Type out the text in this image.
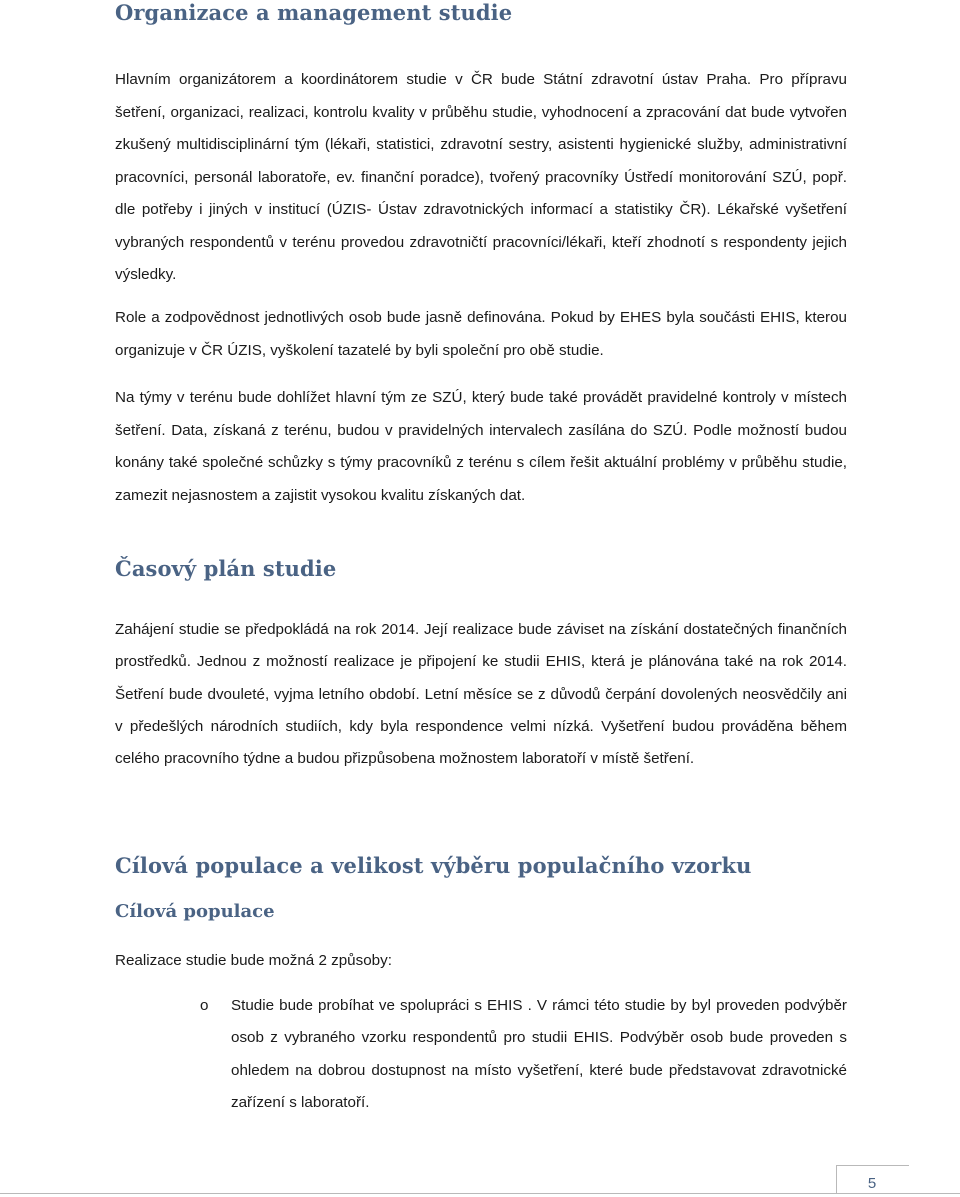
Organizace a management studie

Hlavním organizátorem a koordinátorem studie v ČR bude Státní zdravotní ústav Praha. Pro přípravu šetření, organizaci, realizaci, kontrolu kvality v průběhu studie, vyhodnocení a zpracování dat bude vytvořen zkušený multidisciplinární tým (lékaři, statistici, zdravotní sestry, asistenti hygienické služby, administrativní pracovníci, personál laboratoře, ev. finanční poradce), tvořený pracovníky Ústředí monitorování SZÚ, popř. dle potřeby i jiných v institucí (ÚZIS- Ústav zdravotnických informací a statistiky ČR). Lékařské vyšetření vybraných respondentů v terénu provedou zdravotničtí pracovníci/lékaři, kteří zhodnotí s respondenty jejich výsledky.

Role a zodpovědnost jednotlivých osob bude jasně definována. Pokud by EHES byla součásti EHIS, kterou organizuje v ČR ÚZIS, vyškolení tazatelé by byli společní pro obě studie.

Na týmy v terénu bude dohlížet hlavní tým ze SZÚ, který bude také provádět pravidelné kontroly v místech šetření. Data, získaná z terénu, budou v pravidelných intervalech zasílána do SZÚ. Podle možností budou konány také společné schůzky s týmy pracovníků z terénu s cílem řešit aktuální problémy v průběhu studie, zamezit nejasnostem a zajistit vysokou kvalitu získaných dat.

Časový plán studie

Zahájení studie se předpokládá na rok 2014. Její realizace bude záviset na získání dostatečných finančních prostředků. Jednou z možností realizace je připojení ke studii EHIS, která je plánována také na rok 2014. Šetření bude dvouleté, vyjma letního období. Letní měsíce se z důvodů čerpání dovolených neosvědčily ani v předešlých národních studiích, kdy byla respondence velmi nízká. Vyšetření budou prováděna během celého pracovního týdne a budou přizpůsobena možnostem laboratoří v místě šetření.

Cílová populace a velikost výběru populačního vzorku
Cílová populace

Realizace studie bude možná 2 způsoby:

o Studie bude probíhat ve spolupráci s EHIS . V rámci této studie by byl proveden podvýběr osob z vybraného vzorku respondentů pro studii EHIS. Podvýběr osob bude proveden s ohledem na dobrou dostupnost na místo vyšetření, které bude představovat zdravotnické zařízení s laboratoří.

5
